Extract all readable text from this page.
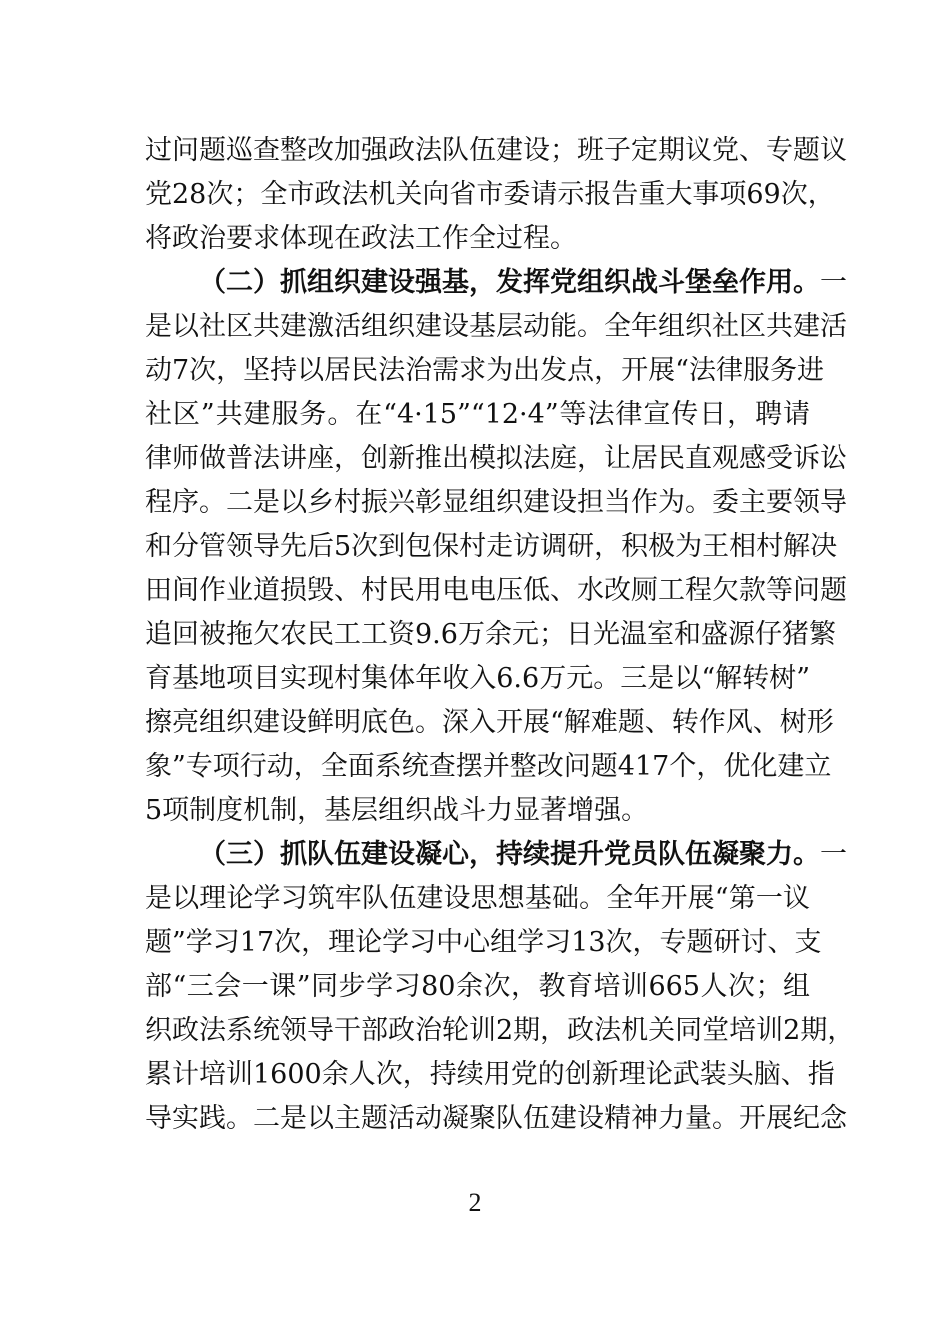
过问题巡查整改加强政法队伍建设；班子定期议党、专题议
党28次；全市政法机关向省市委请示报告重大事项69次，
将政治要求体现在政法工作全过程。
（二）抓组织建设强基，发挥党组织战斗堡垒作用。一
是以社区共建激活组织建设基层动能。全年组织社区共建活
动7次，坚持以居民法治需求为出发点，开展“法律服务进
社区”共建服务。在“4·15”“12·4”等法律宣传日，聘请
律师做普法讲座，创新推出模拟法庭，让居民直观感受诉讼
程序。二是以乡村振兴彰显组织建设担当作为。委主要领导
和分管领导先后5次到包保村走访调研，积极为王相村解决
田间作业道损毁、村民用电电压低、水改厕工程欠款等问题
追回被拖欠农民工工资9.6万余元；日光温室和盛源仔猪繁
育基地项目实现村集体年收入6.6万元。三是以“解转树”
擦亮组织建设鲜明底色。深入开展“解难题、转作风、树形
象”专项行动，全面系统查摆并整改问题417个，优化建立
5项制度机制，基层组织战斗力显著增强。
（三）抓队伍建设凝心，持续提升党员队伍凝聚力。一
是以理论学习筑牢队伍建设思想基础。全年开展“第一议
题”学习17次，理论学习中心组学习13次，专题研讨、支
部“三会一课”同步学习80余次，教育培训665人次；组
织政法系统领导干部政治轮训2期，政法机关同堂培训2期，
累计培训1600余人次，持续用党的创新理论武装头脑、指
导实践。二是以主题活动凝聚队伍建设精神力量。开展纪念
2
